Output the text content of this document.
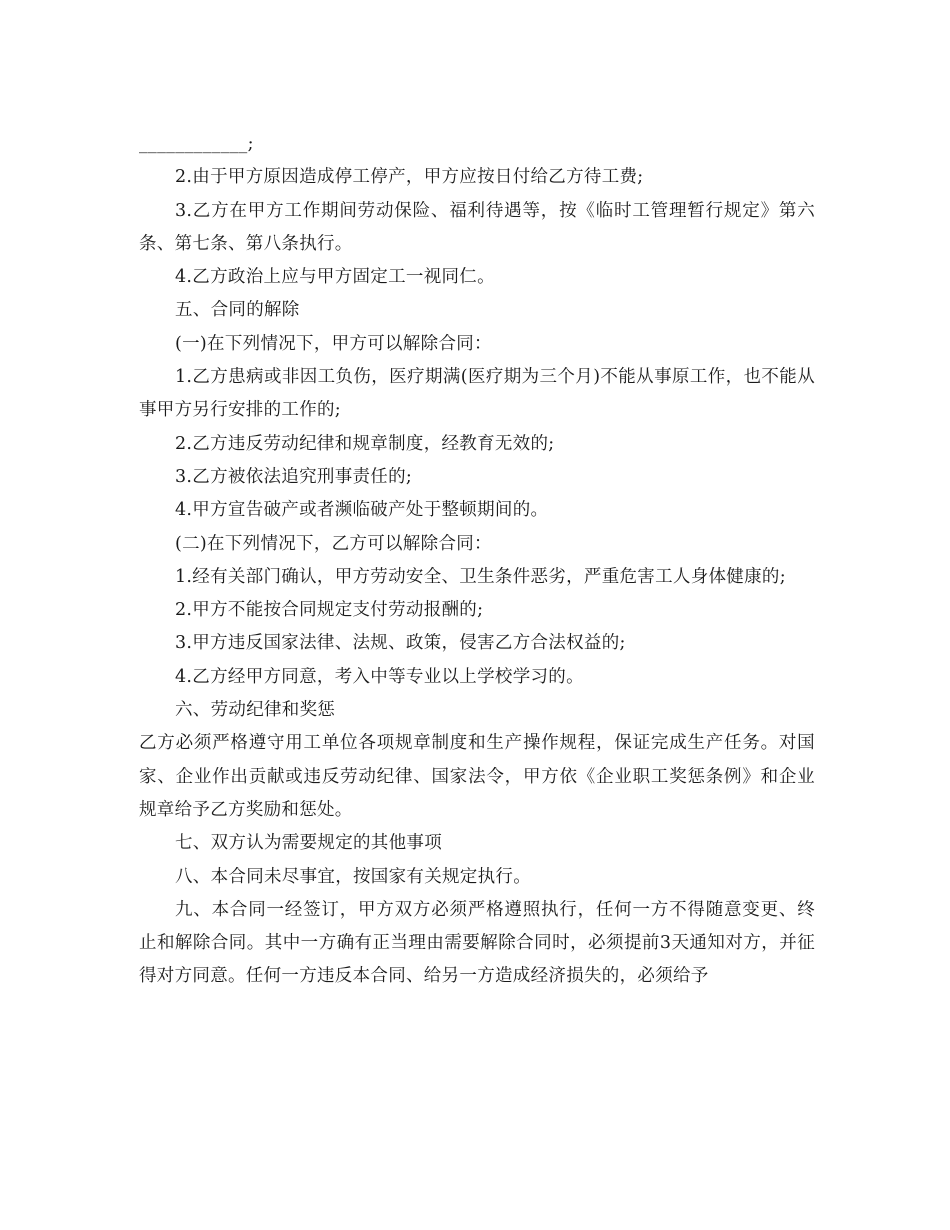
____________;

2.由于甲方原因造成停工停产，甲方应按日付给乙方待工费;

3.乙方在甲方工作期间劳动保险、福利待遇等，按《临时工管理暂行规定》第六条、第七条、第八条执行。

4.乙方政治上应与甲方固定工一视同仁。

五、合同的解除

(一)在下列情况下，甲方可以解除合同：

1.乙方患病或非因工负伤，医疗期满(医疗期为三个月)不能从事原工作，也不能从事甲方另行安排的工作的;

2.乙方违反劳动纪律和规章制度，经教育无效的;

3.乙方被依法追究刑事责任的;

4.甲方宣告破产或者濒临破产处于整顿期间的。

(二)在下列情况下，乙方可以解除合同：

1.经有关部门确认，甲方劳动安全、卫生条件恶劣，严重危害工人身体健康的;

2.甲方不能按合同规定支付劳动报酬的;

3.甲方违反国家法律、法规、政策，侵害乙方合法权益的;

4.乙方经甲方同意，考入中等专业以上学校学习的。

六、劳动纪律和奖惩

乙方必须严格遵守用工单位各项规章制度和生产操作规程，保证完成生产任务。对国家、企业作出贡献或违反劳动纪律、国家法令，甲方依《企业职工奖惩条例》和企业规章给予乙方奖励和惩处。

七、双方认为需要规定的其他事项

八、本合同未尽事宜，按国家有关规定执行。

九、本合同一经签订，甲方双方必须严格遵照执行，任何一方不得随意变更、终止和解除合同。其中一方确有正当理由需要解除合同时，必须提前3天通知对方，并征得对方同意。任何一方违反本合同、给另一方造成经济损失的，必须给予
